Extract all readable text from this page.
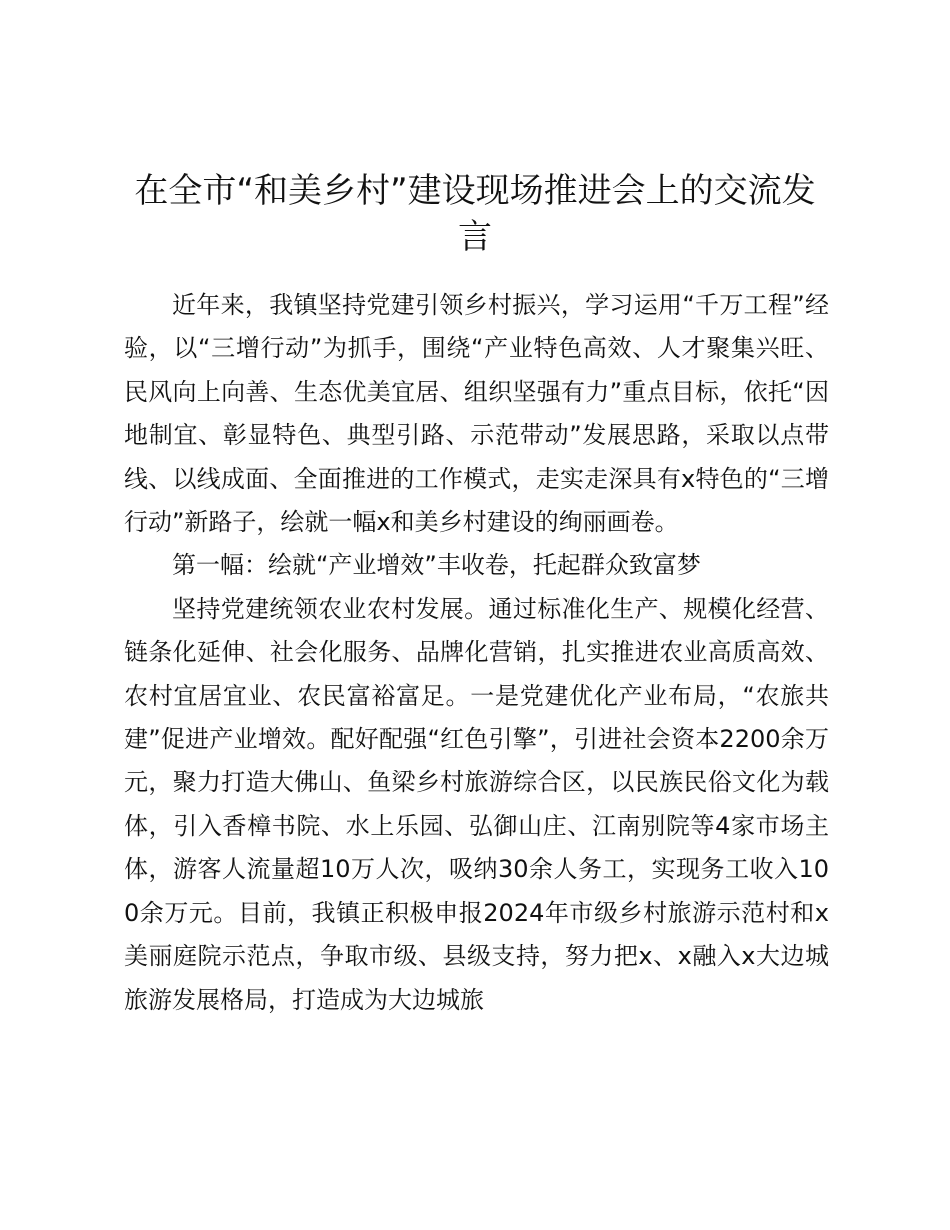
在全市“和美乡村”建设现场推进会上的交流发言

近年来，我镇坚持党建引领乡村振兴，学习运用“千万工程”经验，以“三增行动”为抓手，围绕“产业特色高效、人才聚集兴旺、民风向上向善、生态优美宜居、组织坚强有力”重点目标，依托“因地制宜、彰显特色、典型引路、示范带动”发展思路，采取以点带线、以线成面、全面推进的工作模式，走实走深具有x特色的“三增行动”新路子，绘就一幅x和美乡村建设的绚丽画卷。

第一幅：绘就“产业增效”丰收卷，托起群众致富梦

坚持党建统领农业农村发展。通过标准化生产、规模化经营、链条化延伸、社会化服务、品牌化营销，扎实推进农业高质高效、农村宜居宜业、农民富裕富足。一是党建优化产业布局，“农旅共建”促进产业增效。配好配强“红色引擎”，引进社会资本2200余万元，聚力打造大佛山、鱼梁乡村旅游综合区，以民族民俗文化为载体，引入香樟书院、水上乐园、弘御山庄、江南别院等4家市场主体，游客人流量超10万人次，吸纳30余人务工，实现务工收入100余万元。目前，我镇正积极申报2024年市级乡村旅游示范村和x美丽庭院示范点，争取市级、县级支持，努力把x、x融入x大边城旅游发展格局，打造成为大边城旅
